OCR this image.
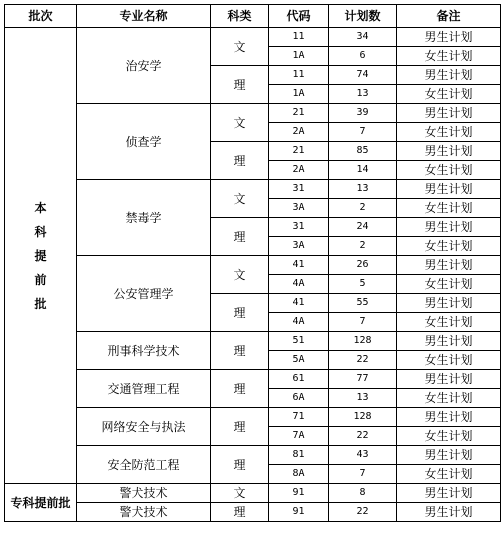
批次	专业名称	科类	代码	计划数	备注
本科提前批	治安学	文	11	34	男生计划
			1A	6	女生计划
		理	11	74	男生计划
			1A	13	女生计划
	侦查学	文	21	39	男生计划
			2A	7	女生计划
		理	21	85	男生计划
			2A	14	女生计划
	禁毒学	文	31	13	男生计划
			3A	2	女生计划
		理	31	24	男生计划
			3A	2	女生计划
	公安管理学	文	41	26	男生计划
			4A	5	女生计划
		理	41	55	男生计划
			4A	7	女生计划
	刑事科学技术	理	51	128	男生计划
			5A	22	女生计划
	交通管理工程	理	61	77	男生计划
			6A	13	女生计划
	网络安全与执法	理	71	128	男生计划
			7A	22	女生计划
	安全防范工程	理	81	43	男生计划
			8A	7	女生计划
专科提前批	警犬技术	文	91	8	男生计划
	警犬技术	理	91	22	男生计划
